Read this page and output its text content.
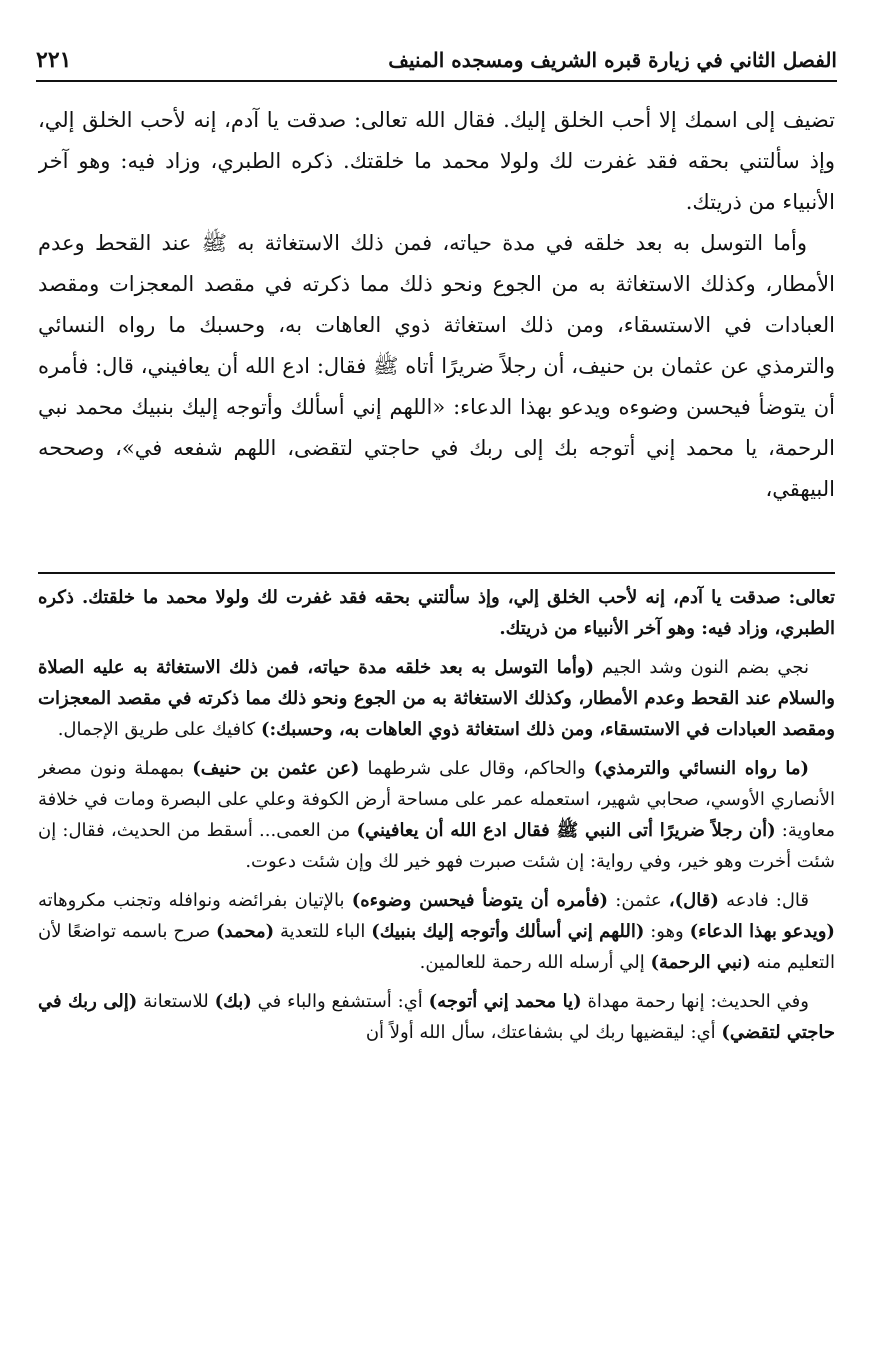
الفصل الثاني في زيارة قبره الشريف ومسجده المنيف
٢٢١

تضيف إلى اسمك إلا أحب الخلق إليك. فقال الله تعالى: صدقت يا آدم، إنه لأحب الخلق إلي، وإذ سألتني بحقه فقد غفرت لك ولولا محمد ما خلقتك. ذكره الطبري، وزاد فيه: وهو آخر الأنبياء من ذريتك.

وأما التوسل به بعد خلقه في مدة حياته، فمن ذلك الاستغاثة به ﷺ عند القحط وعدم الأمطار، وكذلك الاستغاثة به من الجوع ونحو ذلك مما ذكرته في مقصد المعجزات ومقصد العبادات في الاستسقاء، ومن ذلك استغاثة ذوي العاهات به، وحسبك ما رواه النسائي والترمذي عن عثمان بن حنيف، أن رجلاً ضريرًا أتاه ﷺ فقال: ادع الله أن يعافيني، قال: فأمره أن يتوضأ فيحسن وضوءه ويدعو بهذا الدعاء: «اللهم إني أسألك وأتوجه إليك بنبيك محمد نبي الرحمة، يا محمد إني أتوجه بك إلى ربك في حاجتي لتقضى، اللهم شفعه في»، وصححه البيهقي،

تعالى: صدقت يا آدم، إنه لأحب الخلق إلي، وإذ سألتني بحقه فقد غفرت لك ولولا محمد ما خلقتك. ذكره الطبري، وزاد فيه: وهو آخر الأنبياء من ذريتك.

نجي بضم النون وشد الجيم (وأما التوسل به بعد خلقه مدة حياته، فمن ذلك الاستغاثة به عليه الصلاة والسلام عند القحط وعدم الأمطار، وكذلك الاستغاثة به من الجوع ونحو ذلك مما ذكرته في مقصد المعجزات ومقصد العبادات في الاستسقاء، ومن ذلك استغاثة ذوي العاهات به، وحسبك:) كافيك على طريق الإجمال.

(ما رواه النسائي والترمذي) والحاكم، وقال على شرطهما (عن عثمن بن حنيف) بمهملة ونون مصغر الأنصاري الأوسي، صحابي شهير، استعمله عمر على مساحة أرض الكوفة وعلي على البصرة ومات في خلافة معاوية: (أن رجلاً ضريرًا أتى النبي ﷺ فقال ادع الله أن يعافيني) من العمى... أسقط من الحديث، فقال: إن شئت أخرت وهو خير، وفي رواية: إن شئت صبرت فهو خير لك وإن شئت دعوت.

قال: فادعه (قال)، عثمن: (فأمره أن يتوضأ فيحسن وضوءه) بالإتيان بفرائضه ونوافله وتجنب مكروهاته (ويدعو بهذا الدعاء) وهو: (اللهم إني أسألك وأتوجه إليك بنبيك) الباء للتعدية (محمد) صرح باسمه تواضعًا لأن التعليم منه (نبي الرحمة) إلي أرسله الله رحمة للعالمين.

وفي الحديث: إنها رحمة مهداة (يا محمد إني أتوجه) أي: أستشفع والباء في (بك) للاستعانة (إلى ربك في حاجتي لتقضي) أي: ليقضيها ربك لي بشفاعتك، سأل الله أولاً أن
